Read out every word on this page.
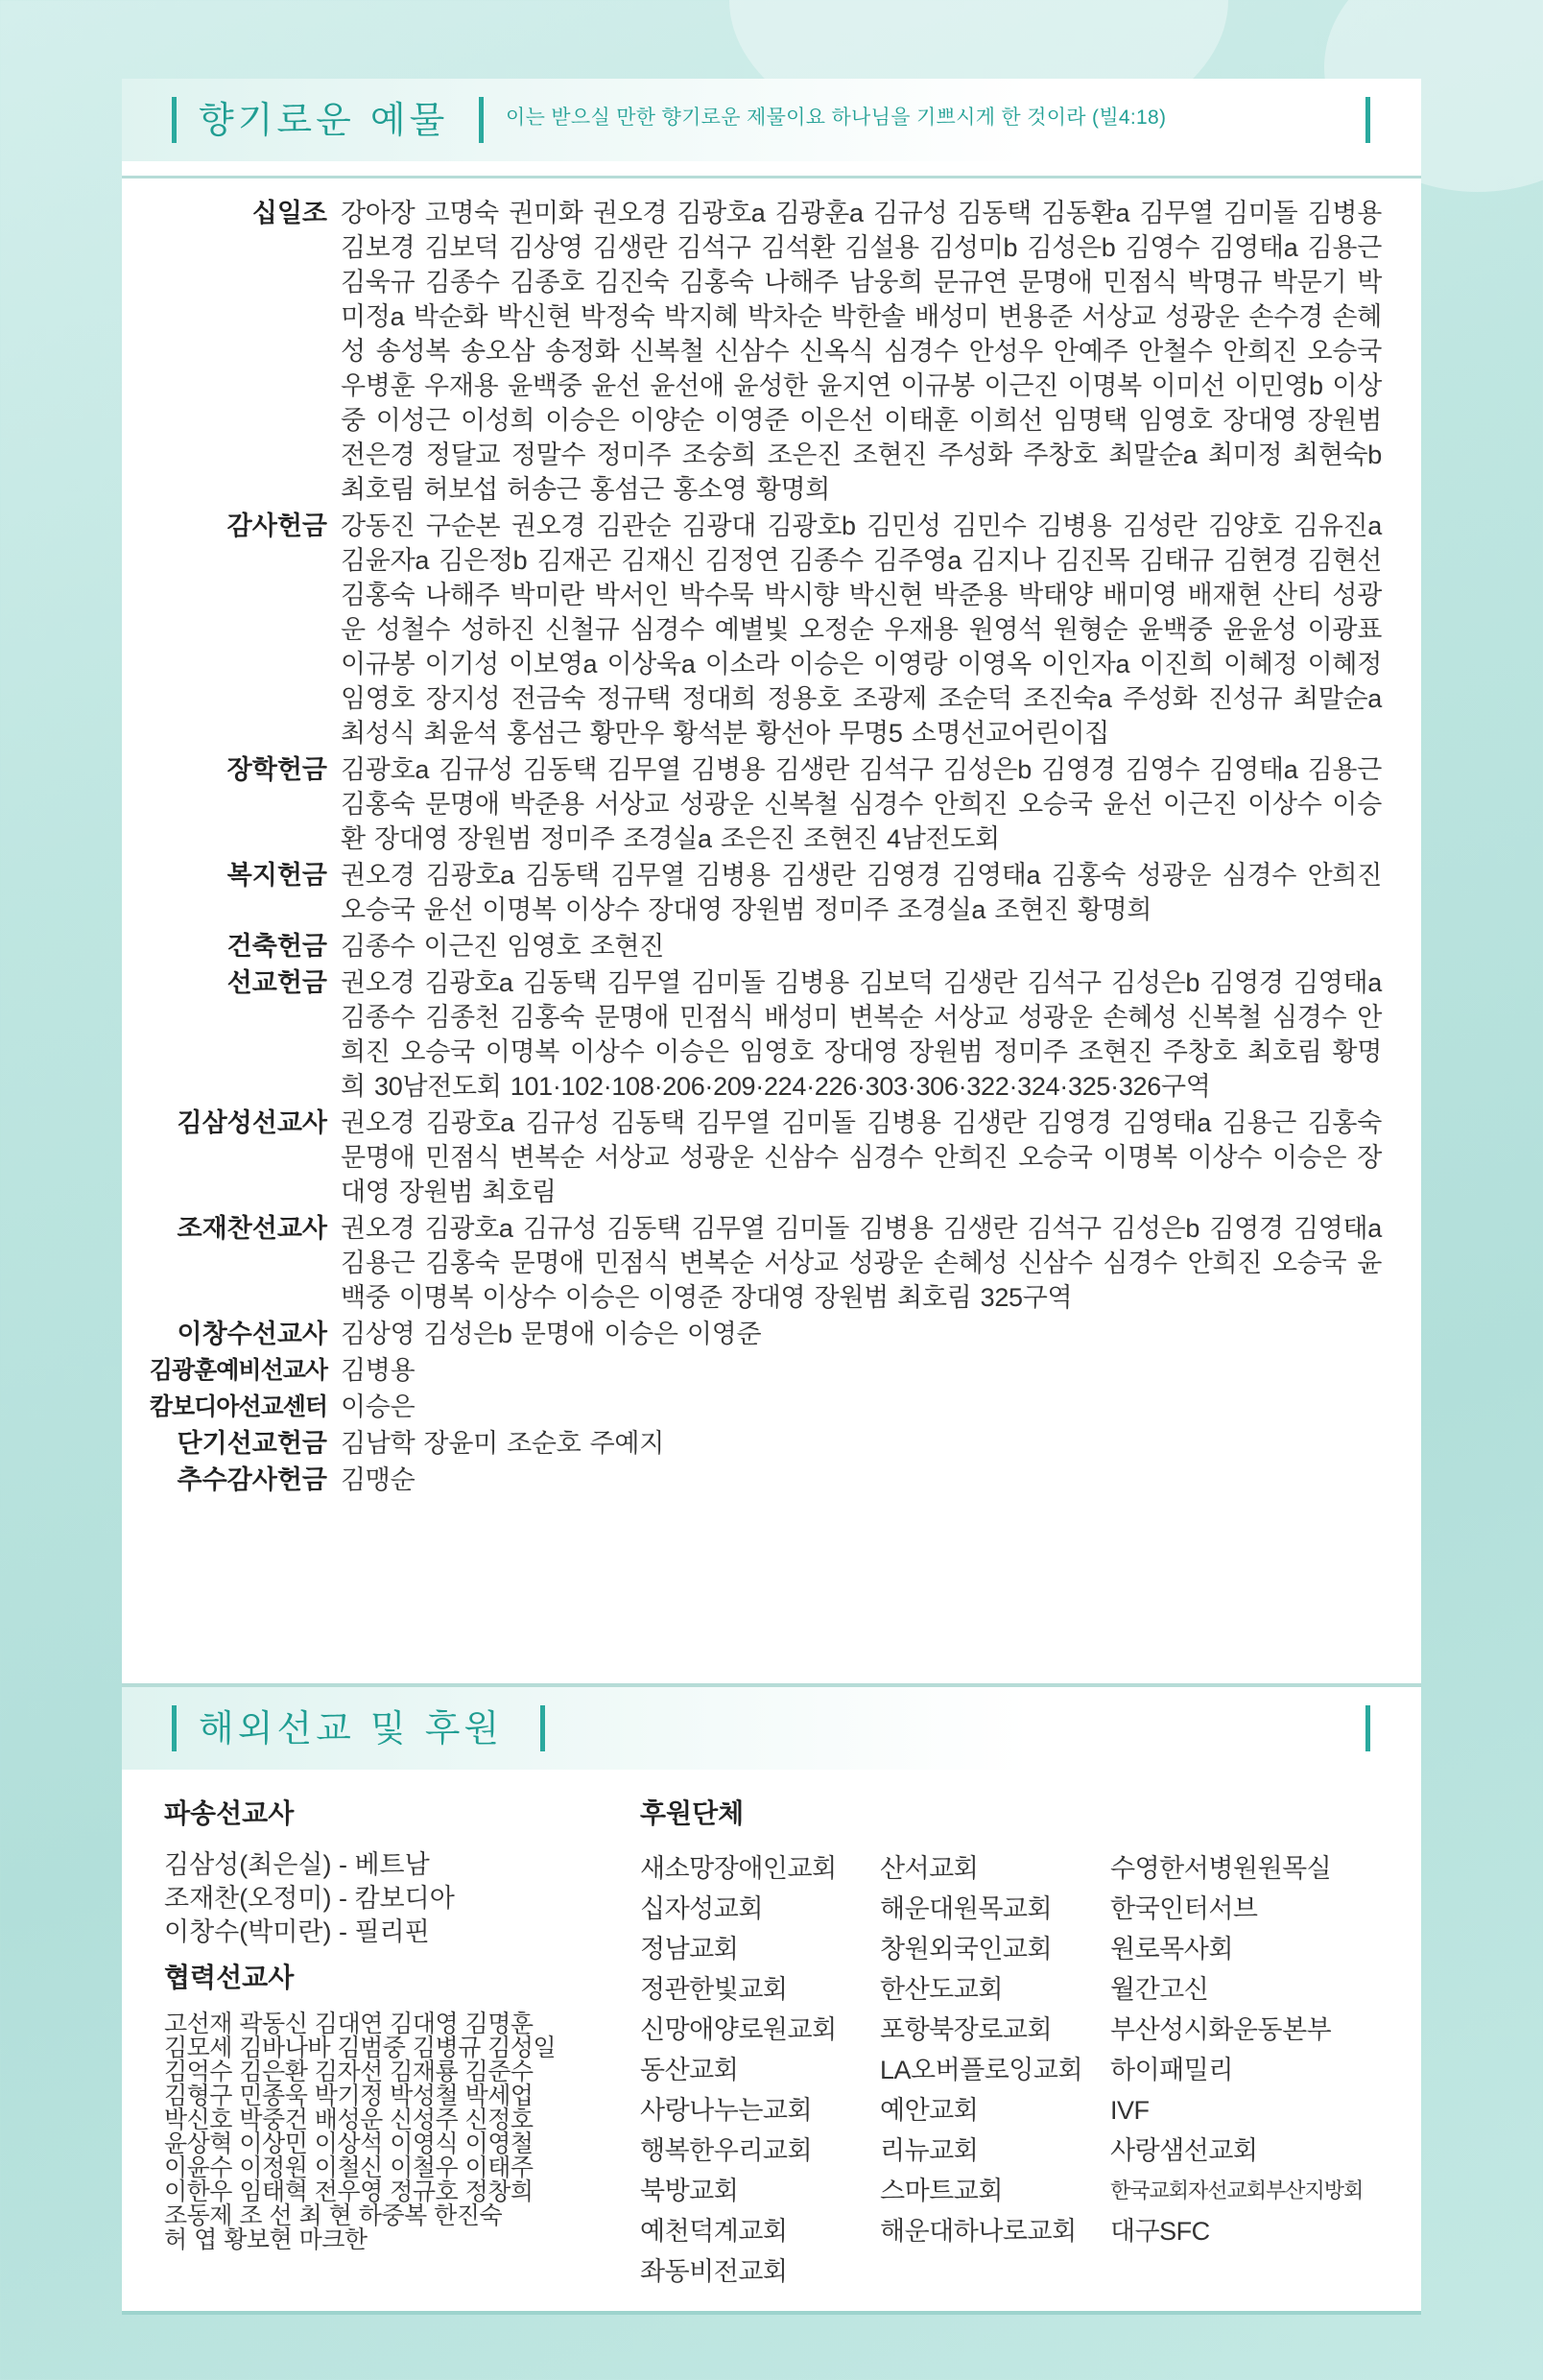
향기로운 예물	이는 받으실 만한 향기로운 제물이요 하나님을 기쁘시게 한 것이라 (빌4:18)
십일조 강아장 고명숙 권미화 권오경 김광호a 김광훈a 김규성 김동택 김동환a 김무열 김미돌 김병용 김보경 김보덕 김상영 김생란 김석구 김석환 김설용 김성미b 김성은b 김영수 김영태a 김용근 김욱규 김종수 김종호 김진숙 김홍숙 나해주 남웅희 문규연 문명애 민점식 박명규 박문기 박미정a 박순화 박신현 박정숙 박지혜 박차순 박한솔 배성미 변용준 서상교 성광운 손수경 손혜성 송성복 송오삼 송정화 신복철 신삼수 신옥식 심경수 안성우 안예주 안철수 안희진 오승국 우병훈 우재용 윤백중 윤선 윤선애 윤성한 윤지연 이규봉 이근진 이명복 이미선 이민영b 이상중 이성근 이성희 이승은 이양순 이영준 이은선 이태훈 이희선 임명택 임영호 장대영 장원범 전은경 정달교 정말수 정미주 조숭희 조은진 조현진 주성화 주창호 최말순a 최미정 최현숙b 최호림 허보섭 허송근 홍섬근 홍소영 황명희
감사헌금 강동진 구순본 권오경 김관순 김광대 김광호b 김민성 김민수 김병용 김성란 김양호 김유진a 김윤자a 김은정b 김재곤 김재신 김정연 김종수 김주영a 김지나 김진목 김태규 김현경 김현선 김홍숙 나해주 박미란 박서인 박수묵 박시향 박신현 박준용 박태양 배미영 배재현 산티 성광운 성철수 성하진 신철규 심경수 예별빛 오정순 우재용 원영석 원형순 윤백중 윤윤성 이광표 이규봉 이기성 이보영a 이상욱a 이소라 이승은 이영랑 이영옥 이인자a 이진희 이혜정 이혜정 임영호 장지성 전금숙 정규택 정대희 정용호 조광제 조순덕 조진숙a 주성화 진성규 최말순a 최성식 최윤석 홍섬근 황만우 황석분 황선아 무명5 소명선교어린이집
장학헌금 김광호a 김규성 김동택 김무열 김병용 김생란 김석구 김성은b 김영경 김영수 김영태a 김용근 김홍숙 문명애 박준용 서상교 성광운 신복철 심경수 안희진 오승국 윤선 이근진 이상수 이승환 장대영 장원범 정미주 조경실a 조은진 조현진 4남전도회
복지헌금 권오경 김광호a 김동택 김무열 김병용 김생란 김영경 김영태a 김홍숙 성광운 심경수 안희진 오승국 윤선 이명복 이상수 장대영 장원범 정미주 조경실a 조현진 황명희
건축헌금 김종수 이근진 임영호 조현진
선교헌금 권오경 김광호a 김동택 김무열 김미돌 김병용 김보덕 김생란 김석구 김성은b 김영경 김영태a 김종수 김종천 김홍숙 문명애 민점식 배성미 변복순 서상교 성광운 손혜성 신복철 심경수 안희진 오승국 이명복 이상수 이승은 임영호 장대영 장원범 정미주 조현진 주창호 최호림 황명희 30남전도회 101·102·108·206·209·224·226·303·306·322·324·325·326구역
김삼성선교사 권오경 김광호a 김규성 김동택 김무열 김미돌 김병용 김생란 김영경 김영태a 김용근 김홍숙 문명애 민점식 변복순 서상교 성광운 신삼수 심경수 안희진 오승국 이명복 이상수 이승은 장대영 장원범 최호림
조재찬선교사 권오경 김광호a 김규성 김동택 김무열 김미돌 김병용 김생란 김석구 김성은b 김영경 김영태a 김용근 김홍숙 문명애 민점식 변복순 서상교 성광운 손혜성 신삼수 심경수 안희진 오승국 윤백중 이명복 이상수 이승은 이영준 장대영 장원범 최호림 325구역
이창수선교사 김상영 김성은b 문명애 이승은 이영준
김광훈예비선교사 김병용
캄보디아선교센터 이승은
단기선교헌금 김남학 장윤미 조순호 주예지
추수감사헌금 김맹순
해외선교 및 후원
파송선교사
김삼성(최은실) - 베트남
조재찬(오정미) - 캄보디아
이창수(박미란) - 필리핀
협력선교사
고선재 곽동신 김대연 김대영 김명훈
김모세 김바나바 김범중 김병규 김성일
김억수 김은환 김자선 김재룡 김준수
김형구 민종욱 박기정 박성철 박세업
박신호 박중건 배성운 신성주 신정호
윤상혁 이상민 이상석 이영식 이영철
이윤수 이정원 이철신 이철우 이태주
이한우 임태혁 전우영 정규호 정창희
조동제 조 선 최 현 하중복 한진숙
허 엽 황보현 마크한
후원단체
새소망장애인교회	산서교회	수영한서병원원목실
십자성교회	해운대원목교회	한국인터서브
정남교회	창원외국인교회	원로목사회
정관한빛교회	한산도교회	월간고신
신망애양로원교회	포항북장로교회	부산성시화운동본부
동산교회	LA오버플로잉교회	하이패밀리
사랑나누는교회	예안교회	IVF
행복한우리교회	리뉴교회	사랑샘선교회
북방교회	스마트교회	한국교회자선교회부산지방회
예천덕계교회	해운대하나로교회	대구SFC
좌동비전교회
